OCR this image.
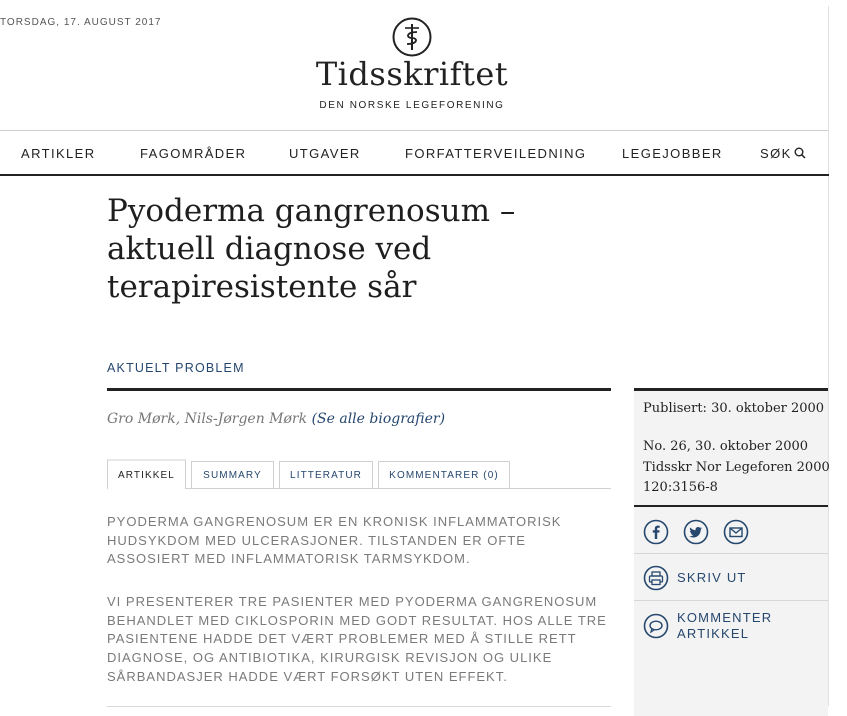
TORSDAG, 17. AUGUST 2017
Tidsskriftet
DEN NORSKE LEGEFORENING
ARTIKLER	FAGOMRÅDER	UTGAVER	FORFATTERVEILEDNING	LEGEJOBBER	SØK
Pyoderma gangrenosum –
aktuell diagnose ved
terapiresistente sår
AKTUELT PROBLEM
Gro Mørk, Nils-Jørgen Mørk (Se alle biografier)
ARTIKKEL	SUMMARY	LITTERATUR	KOMMENTARER (0)
PYODERMA GANGRENOSUM ER EN KRONISK INFLAMMATORISK HUDSYKDOM MED ULCERASJONER. TILSTANDEN ER OFTE ASSOSIERT MED INFLAMMATORISK TARMSYKDOM.
VI PRESENTERER TRE PASIENTER MED PYODERMA GANGRENOSUM BEHANDLET MED CIKLOSPORIN MED GODT RESULTAT. HOS ALLE TRE PASIENTENE HADDE DET VÆRT PROBLEMER MED Å STILLE RETT DIAGNOSE, OG ANTIBIOTIKA, KIRURGISK REVISJON OG ULIKE SÅRBANDASJER HADDE VÆRT FORSØKT UTEN EFFEKT.
Publisert: 30. oktober 2000
No. 26, 30. oktober 2000
Tidsskr Nor Legeforen 2000
120:3156-8
SKRIV UT
KOMMENTER
ARTIKKEL
